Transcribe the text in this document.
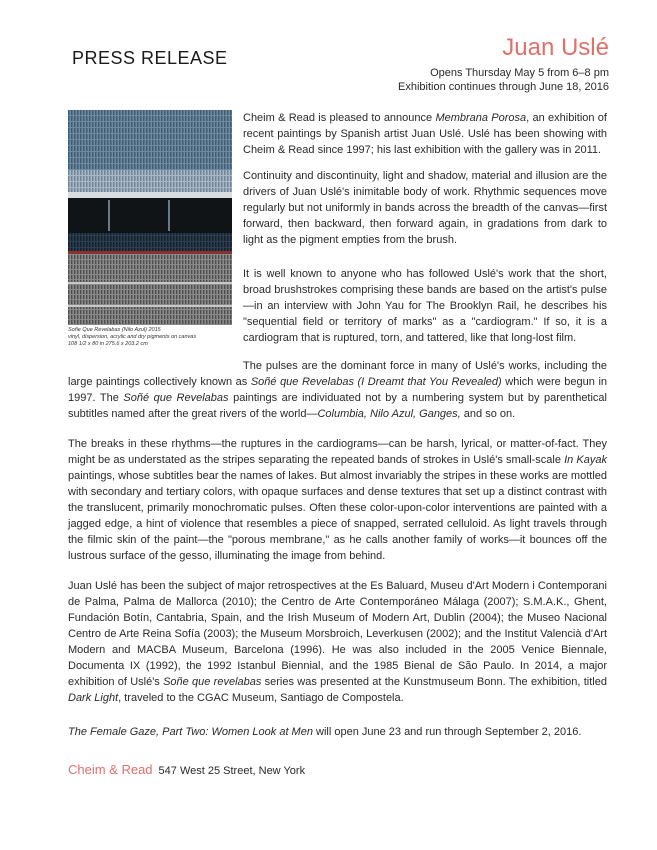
PRESS RELEASE	Juan Uslé
Opens Thursday May 5 from 6–8 pm
Exhibition continues through June 18, 2016
Soñe Que Revelabas (Nilo Azul) 2015
vinyl, dispersion, acrylic and dry pigments on canvas
108 1/2 x 80 in 275.6 x 203.2 cm

Cheim & Read is pleased to announce Membrana Porosa, an exhibition of recent paintings by Spanish artist Juan Uslé. Uslé has been showing with Cheim & Read since 1997; his last exhibition with the gallery was in 2011.

Continuity and discontinuity, light and shadow, material and illusion are the drivers of Juan Uslé's inimitable body of work. Rhythmic sequences move regularly but not uniformly in bands across the breadth of the canvas—first forward, then backward, then forward again, in gradations from dark to light as the pigment empties from the brush.

It is well known to anyone who has followed Uslé's work that the short, broad brushstrokes comprising these bands are based on the artist's pulse—in an interview with John Yau for The Brooklyn Rail, he describes his "sequential field or territory of marks" as a "cardiogram." If so, it is a cardiogram that is ruptured, torn, and tattered, like that long-lost film.

The pulses are the dominant force in many of Uslé's works, including the large paintings collectively known as Soñé que Revelabas (I Dreamt that You Revealed) which were begun in 1997. The Soñé que Revelabas paintings are individuated not by a numbering system but by parenthetical subtitles named after the great rivers of the world—Columbia, Nilo Azul, Ganges, and so on.

The breaks in these rhythms—the ruptures in the cardiograms—can be harsh, lyrical, or matter-of-fact. They might be as understated as the stripes separating the repeated bands of strokes in Uslé's small-scale In Kayak paintings, whose subtitles bear the names of lakes. But almost invariably the stripes in these works are mottled with secondary and tertiary colors, with opaque surfaces and dense textures that set up a distinct contrast with the translucent, primarily monochromatic pulses. Often these color-upon-color interventions are painted with a jagged edge, a hint of violence that resembles a piece of snapped, serrated celluloid. As light travels through the filmic skin of the paint—the "porous membrane," as he calls another family of works—it bounces off the lustrous surface of the gesso, illuminating the image from behind.

Juan Uslé has been the subject of major retrospectives at the Es Baluard, Museu d'Art Modern i Contemporani de Palma, Palma de Mallorca (2010); the Centro de Arte Contemporáneo Málaga (2007); S.M.A.K., Ghent, Fundación Botín, Cantabria, Spain, and the Irish Museum of Modern Art, Dublin (2004); the Museo Nacional Centro de Arte Reina Sofía (2003); the Museum Morsbroich, Leverkusen (2002); and the Institut Valencià d'Art Modern and MACBA Museum, Barcelona (1996). He was also included in the 2005 Venice Biennale, Documenta IX (1992), the 1992 Istanbul Biennial, and the 1985 Bienal de São Paulo. In 2014, a major exhibition of Uslé's Soñe que revelabas series was presented at the Kunstmuseum Bonn. The exhibition, titled Dark Light, traveled to the CGAC Museum, Santiago de Compostela.

The Female Gaze, Part Two: Women Look at Men will open June 23 and run through September 2, 2016.

Cheim & Read 547 West 25 Street, New York
